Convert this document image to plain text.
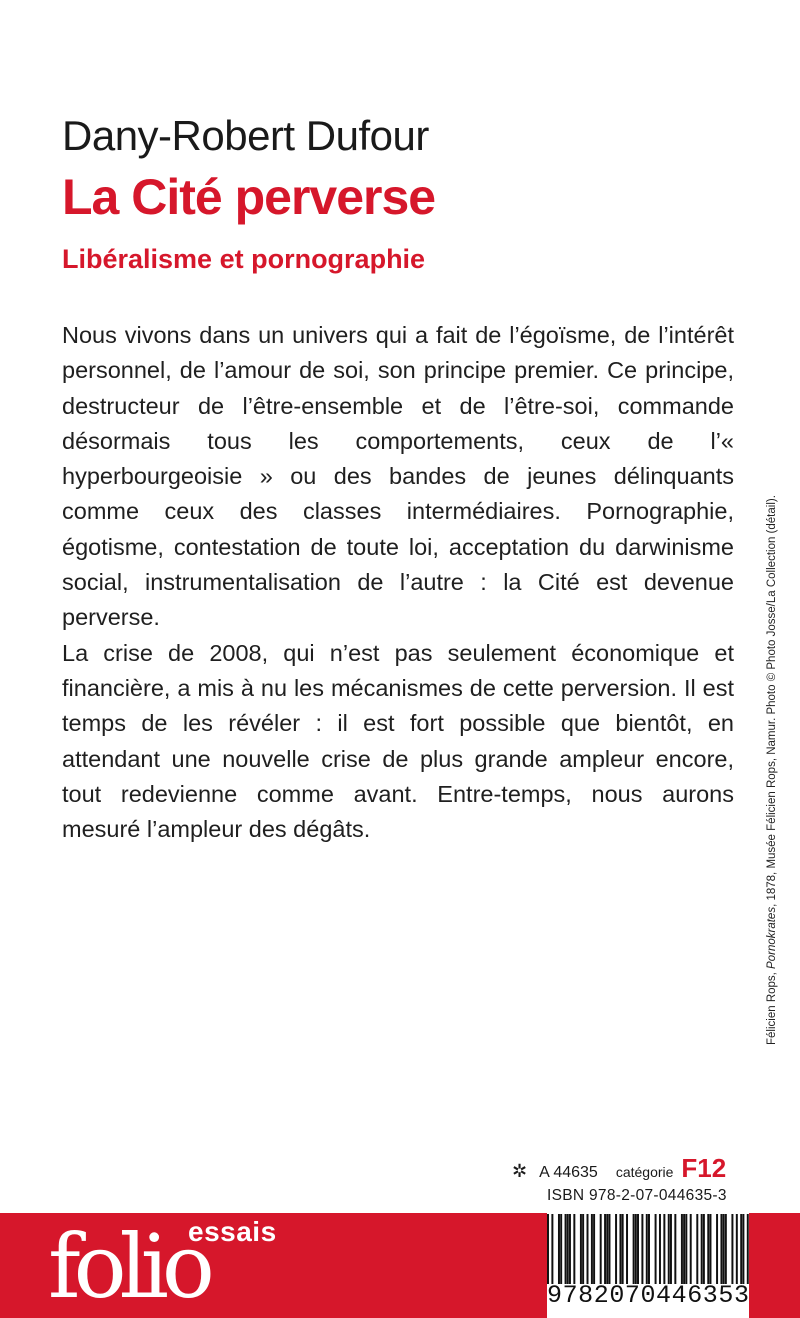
Dany-Robert Dufour
La Cité perverse
Libéralisme et pornographie

Nous vivons dans un univers qui a fait de l’égoïsme, de l’intérêt personnel, de l’amour de soi, son principe premier. Ce principe, destructeur de l’être-ensemble et de l’être-soi, commande désormais tous les comportements, ceux de l’« hyperbourgeoisie » ou des bandes de jeunes délinquants comme ceux des classes intermédiaires. Pornographie, égotisme, contestation de toute loi, acceptation du darwinisme social, instrumentalisation de l’autre : la Cité est devenue perverse.

La crise de 2008, qui n’est pas seulement économique et financière, a mis à nu les mécanismes de cette perversion. Il est temps de les révéler : il est fort possible que bientôt, en attendant une nouvelle crise de plus grande ampleur encore, tout redevienne comme avant. Entre-temps, nous aurons mesuré l’ampleur des dégâts.

Félicien Rops, Pornokrates, 1878, Musée Félicien Rops, Namur. Photo © Photo Josse/La Collection (détail).
✲ A 44635 catégorie F12
ISBN 978-2-07-044635-3
folio
essais
9 7 8 2 0 7 0 4 4 6 3 5 3
